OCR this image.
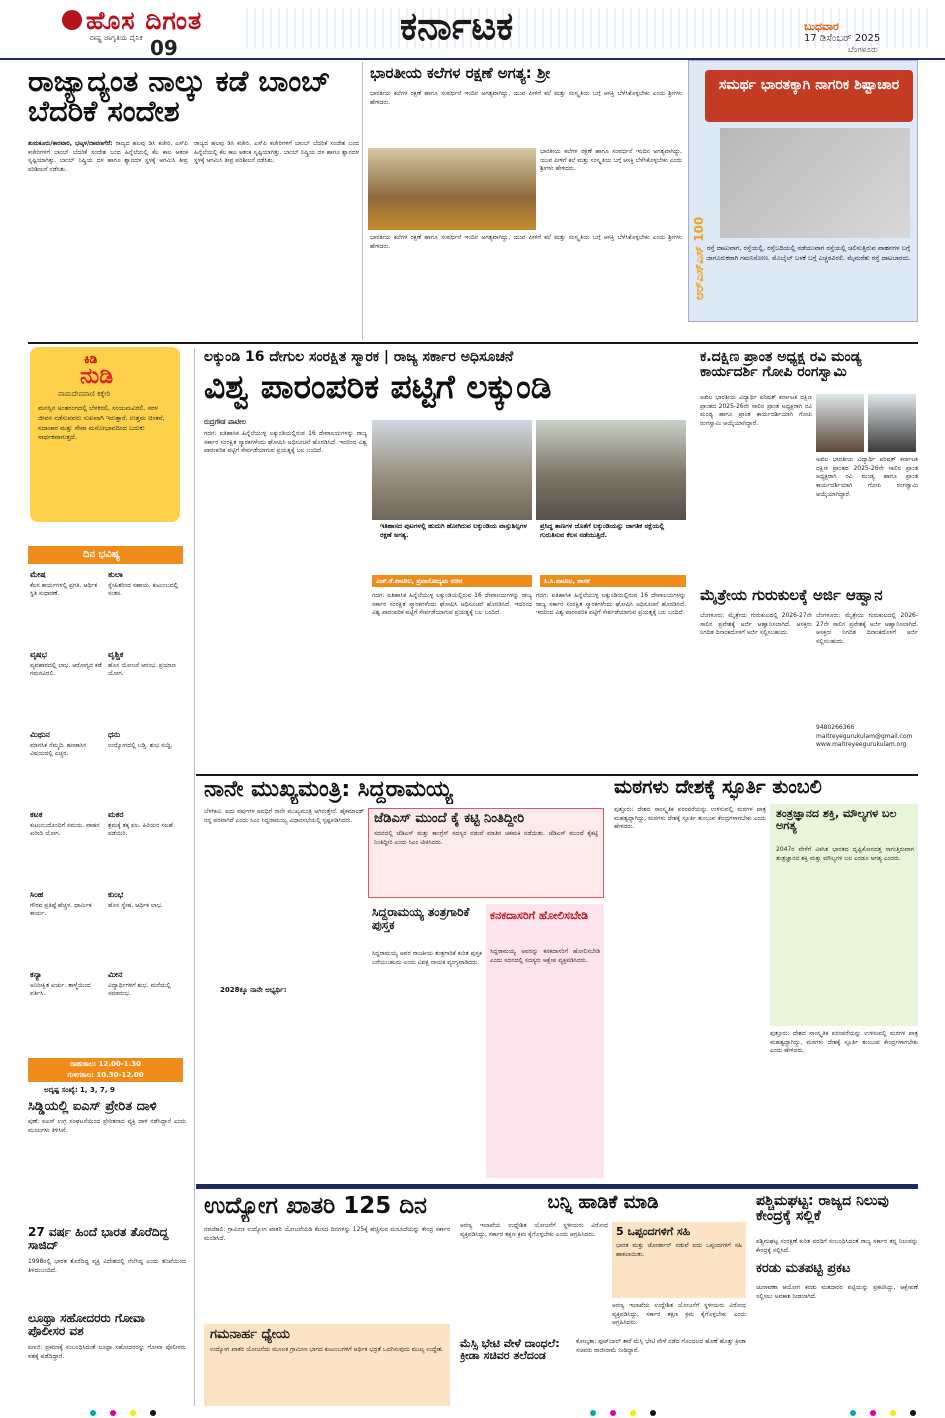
ಹೊಸ ದಿಗಂತ
ರಾಷ್ಟ್ರ ಜಾಗೃತಿಯ ದೈನಿಕ 09	ಕರ್ನಾಟಕ	ಬುಧವಾರ
17 ಡಿಸೆಂಬರ್ 2025
ಬೆಂಗಳೂರು
ರಾಜ್ಯಾದ್ಯಂತ ನಾಲ್ಕು ಕಡೆ ಬಾಂಬ್ ಬೆದರಿಕೆ ಸಂದೇಶ
ತುಮಕೂರು/ಕಾರವಾರ, ಭಟ್ಕಳ/ದಾವಣಗೆರೆ: ರಾಜ್ಯದ ಹಲವು ಡಿಸಿ ಕಚೇರಿ, ಎಸ್‌ಪಿ ಕಚೇರಿಗಳಿಗೆ ಬಾಂಬ್ ಬೆದರಿಕೆ ಸಂದೇಶ ಬಂದ ಹಿನ್ನೆಲೆಯಲ್ಲಿ ಕೆಲ ಕಾಲ ಆತಂಕ ಸೃಷ್ಟಿಯಾಗಿತ್ತು. ಬಾಂಬ್ ನಿಷ್ಕ್ರಿಯ ದಳ ಹಾಗೂ ಶ್ವಾನದಳ ಸ್ಥಳಕ್ಕೆ ಆಗಮಿಸಿ ತೀವ್ರ ಪರಿಶೀಲನೆ ನಡೆಸಿತು.
ರಾಜ್ಯದ ಹಲವು ಡಿಸಿ ಕಚೇರಿ, ಎಸ್‌ಪಿ ಕಚೇರಿಗಳಿಗೆ ಬಾಂಬ್ ಬೆದರಿಕೆ ಸಂದೇಶ ಬಂದ ಹಿನ್ನೆಲೆಯಲ್ಲಿ ಕೆಲ ಕಾಲ ಆತಂಕ ಸೃಷ್ಟಿಯಾಗಿತ್ತು. ಬಾಂಬ್ ನಿಷ್ಕ್ರಿಯ ದಳ ಹಾಗೂ ಶ್ವಾನದಳ ಸ್ಥಳಕ್ಕೆ ಆಗಮಿಸಿ ತೀವ್ರ ಪರಿಶೀಲನೆ ನಡೆಸಿತು.
ಭಾರತೀಯ ಕಲೆಗಳ ರಕ್ಷಣೆ ಅಗತ್ಯ: ಶ್ರೀ
ಭಾರತೀಯ ಕಲೆಗಳ ರಕ್ಷಣೆ ಹಾಗೂ ಸಂವರ್ಧನೆ ಇಂದಿನ ಅಗತ್ಯವಾಗಿದ್ದು, ಯುವ ಪೀಳಿಗೆ ಕಲೆ ಮತ್ತು ಸಂಸ್ಕೃತಿಯ ಬಗ್ಗೆ ಆಸಕ್ತಿ ಬೆಳೆಸಿಕೊಳ್ಳಬೇಕು ಎಂದು ಶ್ರೀಗಳು ಹೇಳಿದರು.
ಭಾರತೀಯ ಕಲೆಗಳ ರಕ್ಷಣೆ ಹಾಗೂ ಸಂವರ್ಧನೆ ಇಂದಿನ ಅಗತ್ಯವಾಗಿದ್ದು, ಯುವ ಪೀಳಿಗೆ ಕಲೆ ಮತ್ತು ಸಂಸ್ಕೃತಿಯ ಬಗ್ಗೆ ಆಸಕ್ತಿ ಬೆಳೆಸಿಕೊಳ್ಳಬೇಕು ಎಂದು ಶ್ರೀಗಳು ಹೇಳಿದರು.
ಭಾರತೀಯ ಕಲೆಗಳ ರಕ್ಷಣೆ ಹಾಗೂ ಸಂವರ್ಧನೆ ಇಂದಿನ ಅಗತ್ಯವಾಗಿದ್ದು, ಯುವ ಪೀಳಿಗೆ ಕಲೆ ಮತ್ತು ಸಂಸ್ಕೃತಿಯ ಬಗ್ಗೆ ಆಸಕ್ತಿ ಬೆಳೆಸಿಕೊಳ್ಳಬೇಕು ಎಂದು ಶ್ರೀಗಳು ಹೇಳಿದರು.	ಆರ್‌ಎಸ್‌ಎಸ್ 100
ಸಮರ್ಥ ಭಾರತಕ್ಕಾಗಿ ನಾಗರಿಕ ಶಿಷ್ಟಾಚಾರ
ರಸ್ತೆ ದಾಟುವಾಗ, ರಸ್ತೆಯಲ್ಲಿ, ರಸ್ತೆಬದಿಯಲ್ಲಿ ನಡೆಯುವಾಗ ರಸ್ತೆಯಲ್ಲಿ ಚಲಿಸುತ್ತಿರುವ ವಾಹನಗಳ ಬಗ್ಗೆ ಜಾಗೂರುಕರಾಗಿ ಗಮನಿಸೋಣ. ಮೊಬೈಲ್ ಬಳಕೆ ಬಗ್ಗೆ ಎಚ್ಚರವಿರಲಿ. ಮೈಮರೆತು ರಸ್ತೆ ದಾಟಬಾರದು.
ಕಿಡಿ
ನುಡಿ
ವಾಮದೇವವಾಣಿ ಕಕ್ಕೇರಿ
ಮನಸ್ಸಿನ ಅಂತರಂಗದಲ್ಲಿ ಬೆಳಕಿರಲಿ, ಸಂಯಮವಿರಲಿ. ಸರಳ ಜೀವನ ನಡೆಸುವವರು ಸುಖವಾಗಿ ಇರುತ್ತಾರೆ. ಉತ್ತಮ ಚಿಂತನೆ, ಸದಾಚಾರ ಮತ್ತು ಸೇವಾ ಮನೋಭಾವದಿಂದ ಬದುಕು ಸಾರ್ಥಕವಾಗುತ್ತದೆ.
ದಿನ ಭವಿಷ್ಯ
ಮೇಷ
ಕೆಲಸ ಕಾರ್ಯಗಳಲ್ಲಿ ಪ್ರಗತಿ. ಆರ್ಥಿಕ ಸ್ಥಿತಿ ಸುಧಾರಣೆ.
ತುಲಾ
ಸ್ನೇಹಿತರಿಂದ ಸಹಾಯ. ಕುಟುಂಬದಲ್ಲಿ ಸಂತಸ.
ವೃಷಭ
ವ್ಯವಹಾರದಲ್ಲಿ ಲಾಭ. ಆರೋಗ್ಯದ ಕಡೆ ಗಮನವಿರಲಿ.
ವೃಶ್ಚಿಕ
ಹೊಸ ಯೋಜನೆ ಆರಂಭ. ಪ್ರಯಾಣ ಯೋಗ.
ಮಿಥುನ
ಮಾನಸಿಕ ನೆಮ್ಮದಿ. ಹಣಕಾಸಿನ ವಿಷಯದಲ್ಲಿ ಎಚ್ಚರ.
ಧನು
ಉದ್ಯೋಗದಲ್ಲಿ ಬಡ್ತಿ. ಶುಭ ಸುದ್ದಿ.
ಕಟಕ
ಕುಟುಂಬದೊಂದಿಗೆ ಸಮಯ. ವಾಹನ ಖರೀದಿ ಯೋಗ.
ಮಕರ
ಶ್ರಮಕ್ಕೆ ತಕ್ಕ ಫಲ. ಹಿರಿಯರ ಸಲಹೆ ಪಡೆಯಿರಿ.
ಸಿಂಹ
ಗೌರವ ಪ್ರತಿಷ್ಠೆ ಹೆಚ್ಚಳ. ಧಾರ್ಮಿಕ ಕಾರ್ಯ.
ಕುಂಭ
ಹೊಸ ಸ್ನೇಹ. ಆರ್ಥಿಕ ಲಾಭ.
ಕನ್ಯಾ
ಅನಿರೀಕ್ಷಿತ ಖರ್ಚು. ತಾಳ್ಮೆಯಿಂದ ವರ್ತಿಸಿ.
ಮೀನ
ವಿದ್ಯಾರ್ಥಿಗಳಿಗೆ ಶುಭ. ಮನೆಯಲ್ಲಿ ಸಮಾರಂಭ.
ರಾಹುಕಾಲ: 12.00-1.30
ಗುಳಿಗಕಾಲ: 10.30-12.00
ಅದೃಷ್ಟ ಸಂಖ್ಯೆ: 1, 3, 7, 9
ಲಕ್ಕುಂಡಿ 16 ದೇಗುಲ ಸಂರಕ್ಷಿತ ಸ್ಮಾರಕ | ರಾಜ್ಯ ಸರ್ಕಾರ ಅಧಿಸೂಚನೆ
ವಿಶ್ವ ಪಾರಂಪರಿಕ ಪಟ್ಟಿಗೆ ಲಕ್ಕುಂಡಿ
ರುದ್ರಗೌಡ ಪಾಟೀಲ
ಗದಗ: ಐತಿಹಾಸಿಕ ಹಿನ್ನೆಲೆಯುಳ್ಳ ಲಕ್ಕುಂಡಿಯಲ್ಲಿರುವ 16 ದೇವಾಲಯಗಳನ್ನು ರಾಜ್ಯ ಸರ್ಕಾರ ಸಂರಕ್ಷಿತ ಸ್ಮಾರಕಗಳೆಂದು ಘೋಷಿಸಿ ಅಧಿಸೂಚನೆ ಹೊರಡಿಸಿದೆ. ಇದರಿಂದ ವಿಶ್ವ ಪಾರಂಪರಿಕ ಪಟ್ಟಿಗೆ ಸೇರ್ಪಡೆಯಾಗುವ ಪ್ರಯತ್ನಕ್ಕೆ ಬಲ ಬಂದಿದೆ.
ಇತಿಹಾಸದ ಪುಟಗಳಲ್ಲಿ ಹುದುಗಿ ಹೋಗಿರುವ ಲಕ್ಕುಂಡಿಯ ವಾಸ್ತುಶಿಲ್ಪಗಳ ರಕ್ಷಣೆ ಅಗತ್ಯ.
ಪ್ರಸಿದ್ಧ ತಾಣಗಳ ಜೊತೆಗೆ ಲಕ್ಕುಂಡಿಯನ್ನು ಜಾಗತಿಕ ನಕ್ಷೆಯಲ್ಲಿ ಗುರುತಿಸುವ ಕೆಲಸ ನಡೆಯುತ್ತಿದೆ.
ಎಚ್.ಕೆ.ಪಾಟೀಲ, ಪ್ರವಾಸೋದ್ಯಮ ಸಚಿವ	ಸಿ.ಸಿ.ಪಾಟೀಲ, ಶಾಸಕ
ಗದಗ: ಐತಿಹಾಸಿಕ ಹಿನ್ನೆಲೆಯುಳ್ಳ ಲಕ್ಕುಂಡಿಯಲ್ಲಿರುವ 16 ದೇವಾಲಯಗಳನ್ನು ರಾಜ್ಯ ಸರ್ಕಾರ ಸಂರಕ್ಷಿತ ಸ್ಮಾರಕಗಳೆಂದು ಘೋಷಿಸಿ ಅಧಿಸೂಚನೆ ಹೊರಡಿಸಿದೆ. ಇದರಿಂದ ವಿಶ್ವ ಪಾರಂಪರಿಕ ಪಟ್ಟಿಗೆ ಸೇರ್ಪಡೆಯಾಗುವ ಪ್ರಯತ್ನಕ್ಕೆ ಬಲ ಬಂದಿದೆ.
ಗದಗ: ಐತಿಹಾಸಿಕ ಹಿನ್ನೆಲೆಯುಳ್ಳ ಲಕ್ಕುಂಡಿಯಲ್ಲಿರುವ 16 ದೇವಾಲಯಗಳನ್ನು ರಾಜ್ಯ ಸರ್ಕಾರ ಸಂರಕ್ಷಿತ ಸ್ಮಾರಕಗಳೆಂದು ಘೋಷಿಸಿ ಅಧಿಸೂಚನೆ ಹೊರಡಿಸಿದೆ. ಇದರಿಂದ ವಿಶ್ವ ಪಾರಂಪರಿಕ ಪಟ್ಟಿಗೆ ಸೇರ್ಪಡೆಯಾಗುವ ಪ್ರಯತ್ನಕ್ಕೆ ಬಲ ಬಂದಿದೆ.
ಕ.ದಕ್ಷಿಣ ಪ್ರಾಂತ ಅಧ್ಯಕ್ಷ ರವಿ ಮಂಡ್ಯ ಕಾರ್ಯದರ್ಶಿ ಗೋಪಿ ರಂಗಸ್ವಾಮಿ
ಅಖಿಲ ಭಾರತೀಯ ವಿದ್ಯಾರ್ಥಿ ಪರಿಷತ್ ಕರ್ನಾಟಕ ದಕ್ಷಿಣ ಪ್ರಾಂತದ 2025-26ನೇ ಸಾಲಿನ ಪ್ರಾಂತ ಅಧ್ಯಕ್ಷರಾಗಿ ರವಿ ಮಂಡ್ಯ ಹಾಗೂ ಪ್ರಾಂತ ಕಾರ್ಯದರ್ಶಿಯಾಗಿ ಗೋಪಿ ರಂಗಸ್ವಾಮಿ ಆಯ್ಕೆಯಾಗಿದ್ದಾರೆ.
ಅಖಿಲ ಭಾರತೀಯ ವಿದ್ಯಾರ್ಥಿ ಪರಿಷತ್ ಕರ್ನಾಟಕ ದಕ್ಷಿಣ ಪ್ರಾಂತದ 2025-26ನೇ ಸಾಲಿನ ಪ್ರಾಂತ ಅಧ್ಯಕ್ಷರಾಗಿ ರವಿ ಮಂಡ್ಯ ಹಾಗೂ ಪ್ರಾಂತ ಕಾರ್ಯದರ್ಶಿಯಾಗಿ ಗೋಪಿ ರಂಗಸ್ವಾಮಿ ಆಯ್ಕೆಯಾಗಿದ್ದಾರೆ.
ಮೈತ್ರೇಯ ಗುರುಕುಲಕ್ಕೆ ಅರ್ಜಿ ಆಹ್ವಾನ
ಬೆಂಗಳೂರು: ಮೈತ್ರೇಯ ಗುರುಕುಲದಲ್ಲಿ 2026-27ನೇ ಸಾಲಿನ ಪ್ರವೇಶಕ್ಕೆ ಅರ್ಜಿ ಆಹ್ವಾನಿಸಲಾಗಿದೆ. ಆಸಕ್ತರು ನಿಗದಿತ ದಿನಾಂಕದೊಳಗೆ ಅರ್ಜಿ ಸಲ್ಲಿಸಬಹುದು.
ಬೆಂಗಳೂರು: ಮೈತ್ರೇಯ ಗುರುಕುಲದಲ್ಲಿ 2026-27ನೇ ಸಾಲಿನ ಪ್ರವೇಶಕ್ಕೆ ಅರ್ಜಿ ಆಹ್ವಾನಿಸಲಾಗಿದೆ. ಆಸಕ್ತರು ನಿಗದಿತ ದಿನಾಂಕದೊಳಗೆ ಅರ್ಜಿ ಸಲ್ಲಿಸಬಹುದು.
9480266366
maitreyegurukulam@gmail.com
www.maitreyeegurukulam.org
ನಾನೇ ಮುಖ್ಯಮಂತ್ರಿ: ಸಿದ್ದರಾಮಯ್ಯ
ಬೆಳಗಾವಿ: ಐದು ವರ್ಷಗಳ ಅವಧಿಗೆ ನಾನೇ ಮುಖ್ಯಮಂತ್ರಿ ಆಗಿರುತ್ತೇನೆ. ಹೈಕಮಾಂಡ್ ನನ್ನ ಪರವಾಗಿದೆ ಎಂದು ಸಿಎಂ ಸಿದ್ದರಾಮಯ್ಯ ವಿಧಾನಸಭೆಯಲ್ಲಿ ಸ್ಪಷ್ಟಪಡಿಸಿದರು.
2028ಕ್ಕೂ ನಾನೇ ಅಭ್ಯರ್ಥಿ:
ಜೆಡಿಎಸ್ ಮುಂದೆ ಕೈ ಕಟ್ಟಿ ನಿಂತಿದ್ದೀರಿ
ಸದನದಲ್ಲಿ ಜೆಡಿಎಸ್ ಮತ್ತು ಕಾಂಗ್ರೆಸ್ ಸದಸ್ಯರ ನಡುವೆ ಮಾತಿನ ಚಕಮಕಿ ನಡೆಯಿತು. ಜೆಡಿಎಸ್ ಮುಂದೆ ಕೈಕಟ್ಟಿ ನಿಂತಿದ್ದೀರಿ ಎಂದು ಸಿಎಂ ಟೀಕಿಸಿದರು.
ಸಿದ್ದರಾಮಯ್ಯ ತಂತ್ರಗಾರಿಕೆ ಪುಸ್ತಕ
ಸಿದ್ದರಾಮಯ್ಯ ಅವರ ರಾಜಕೀಯ ತಂತ್ರಗಾರಿಕೆ ಕುರಿತ ಪುಸ್ತಕ ಬರೆಯಬಹುದು ಎಂದು ವಿಪಕ್ಷ ನಾಯಕ ವ್ಯಂಗ್ಯವಾಡಿದರು.
ಕನಕದಾಸರಿಗೆ ಹೋಲಿಸಬೇಡಿ
ಸಿದ್ದರಾಮಯ್ಯ ಅವರನ್ನು ಕನಕದಾಸರಿಗೆ ಹೋಲಿಸಬೇಡಿ ಎಂದು ಸದನದಲ್ಲಿ ಸದಸ್ಯರು ಆಕ್ಷೇಪ ವ್ಯಕ್ತಪಡಿಸಿದರು.
ಮಠಗಳು ದೇಶಕ್ಕೆ ಸ್ಫೂರ್ತಿ ತುಂಬಲಿ
ಪುತ್ತೂರು: ದೇಶದ ಸಾಂಸ್ಕೃತಿಕ ಪರಂಪರೆಯನ್ನು ಉಳಿಸುವಲ್ಲಿ ಮಠಗಳ ಪಾತ್ರ ಮಹತ್ವದ್ದಾಗಿದ್ದು, ಮಠಗಳು ದೇಶಕ್ಕೆ ಸ್ಫೂರ್ತಿ ತುಂಬುವ ಕೇಂದ್ರಗಳಾಗಬೇಕು ಎಂದು ಹೇಳಿದರು.
ತಂತ್ರಜ್ಞಾನದ ಶಕ್ತಿ, ಮೌಲ್ಯಗಳ ಬಲ ಅಗತ್ಯ
2047ರ ವೇಳೆಗೆ ವಿಕಸಿತ ಭಾರತದ ದೃಷ್ಟಿಕೋನದತ್ತ ಸಾಗುತ್ತಿರುವಾಗ ತಂತ್ರಜ್ಞಾನದ ಶಕ್ತಿ ಮತ್ತು ಮೌಲ್ಯಗಳ ಬಲ ಎರಡೂ ಅಗತ್ಯ ಎಂದರು.
ಪುತ್ತೂರು: ದೇಶದ ಸಾಂಸ್ಕೃತಿಕ ಪರಂಪರೆಯನ್ನು ಉಳಿಸುವಲ್ಲಿ ಮಠಗಳ ಪಾತ್ರ ಮಹತ್ವದ್ದಾಗಿದ್ದು, ಮಠಗಳು ದೇಶಕ್ಕೆ ಸ್ಫೂರ್ತಿ ತುಂಬುವ ಕೇಂದ್ರಗಳಾಗಬೇಕು ಎಂದು ಹೇಳಿದರು.
ಸಿಡ್ಡಿಯಲ್ಲಿ ಐಎಸ್ ಪ್ರೇರಿತ ದಾಳಿ
ಪುಣೆ: ಐಎಸ್ ಉಗ್ರ ಸಂಘಟನೆಯಿಂದ ಪ್ರೇರಿತನಾದ ವ್ಯಕ್ತಿ ದಾಳಿ ನಡೆಸಿದ್ದಾನೆ ಎಂದು ಮೂಲಗಳು ತಿಳಿಸಿವೆ.
27 ವರ್ಷ ಹಿಂದೆ ಭಾರತ ತೊರೆದಿದ್ದ ಸಾಜಿದ್
1998ರಲ್ಲಿ ಭಾರತ ತೊರೆದಿದ್ದ ವ್ಯಕ್ತಿ ವಿದೇಶದಲ್ಲಿ ನೆಲೆಸಿದ್ದ ಎಂದು ತನಿಖೆಯಿಂದ ತಿಳಿದುಬಂದಿದೆ.
ಲೂಥ್ರಾ ಸಹೋದರರು ಗೋವಾ ಪೊಲೀಸರ ವಶ
ಪಣಜಿ: ಪ್ರಕರಣಕ್ಕೆ ಸಂಬಂಧಿಸಿದಂತೆ ಲೂಥ್ರಾ ಸಹೋದರರನ್ನು ಗೋವಾ ಪೊಲೀಸರು ವಶಕ್ಕೆ ಪಡೆದಿದ್ದಾರೆ.
ಉದ್ಯೋಗ ಖಾತರಿ 125 ದಿನ
ನವದೆಹಲಿ: ಗ್ರಾಮೀಣ ಉದ್ಯೋಗ ಖಾತರಿ ಯೋಜನೆಯಡಿ ಕೆಲಸದ ದಿನಗಳನ್ನು 125ಕ್ಕೆ ಹೆಚ್ಚಿಸುವ ಮಸೂದೆಯನ್ನು ಕೇಂದ್ರ ಸರ್ಕಾರ ಮಂಡಿಸಿದೆ.
ಗಮನಾರ್ಹ ಧ್ಯೇಯ
ಉದ್ಯೋಗ ಖಾತರಿ ಯೋಜನೆಯ ಮೂಲಕ ಗ್ರಾಮೀಣ ಭಾಗದ ಕುಟುಂಬಗಳಿಗೆ ಆರ್ಥಿಕ ಭದ್ರತೆ ಒದಗಿಸುವುದು ಮುಖ್ಯ ಉದ್ದೇಶ.
ಬನ್ನಿ ಹಾಡಿಕೆ ಮಾಡಿ
ಅರಣ್ಯ ಇಲಾಖೆಯ ಉದ್ದೇಶಿತ ಯೋಜನೆಗೆ ಸ್ಥಳೀಯರು ವಿರೋಧ ವ್ಯಕ್ತಪಡಿಸಿದ್ದು, ಸರ್ಕಾರ ತಕ್ಷಣ ಕ್ರಮ ಕೈಗೊಳ್ಳಬೇಕು ಎಂದು ಆಗ್ರಹಿಸಿದರು.	5 ಒಪ್ಪಂದಗಳಿಗೆ ಸಹಿ
ಭಾರತ ಮತ್ತು ಜೋರ್ಡಾನ್ ನಡುವೆ ಐದು ಒಪ್ಪಂದಗಳಿಗೆ ಸಹಿ ಹಾಕಲಾಯಿತು.
ಅರಣ್ಯ ಇಲಾಖೆಯ ಉದ್ದೇಶಿತ ಯೋಜನೆಗೆ ಸ್ಥಳೀಯರು ವಿರೋಧ ವ್ಯಕ್ತಪಡಿಸಿದ್ದು, ಸರ್ಕಾರ ತಕ್ಷಣ ಕ್ರಮ ಕೈಗೊಳ್ಳಬೇಕು ಎಂದು ಆಗ್ರಹಿಸಿದರು.
ಮೆಸ್ಸಿ ಭೇಟಿ ವೇಳೆ ದಾಂಧಲೆ: ಕ್ರೀಡಾ ಸಚಿವರ ತಲೆದಂಡ
ಕೋಲ್ಕತಾ: ಫುಟ್‌ಬಾಲ್ ತಾರೆ ಮೆಸ್ಸಿ ಭೇಟಿ ವೇಳೆ ನಡೆದ ಗೊಂದಲದ ಹೊಣೆ ಹೊತ್ತು ಕ್ರೀಡಾ ಸಚಿವರು ರಾಜೀನಾಮೆ ನೀಡಿದ್ದಾರೆ.
ಪಶ್ಚಿಮಘಟ್ಟ: ರಾಜ್ಯದ ನಿಲುವು ಕೇಂದ್ರಕ್ಕೆ ಸಲ್ಲಿಕೆ
ಪಶ್ಚಿಮಘಟ್ಟ ಸಂರಕ್ಷಣೆ ಕುರಿತ ವರದಿಗೆ ಸಂಬಂಧಿಸಿದಂತೆ ರಾಜ್ಯ ಸರ್ಕಾರ ತನ್ನ ನಿಲುವನ್ನು ಕೇಂದ್ರಕ್ಕೆ ಸಲ್ಲಿಸಿದೆ.
ಕರಡು ಮತಪಟ್ಟಿ ಪ್ರಕಟ
ಚುನಾವಣಾ ಆಯೋಗ ಕರಡು ಮತದಾರರ ಪಟ್ಟಿಯನ್ನು ಪ್ರಕಟಿಸಿದ್ದು, ಆಕ್ಷೇಪಣೆ ಸಲ್ಲಿಸಲು ಅವಕಾಶ ನೀಡಲಾಗಿದೆ.
